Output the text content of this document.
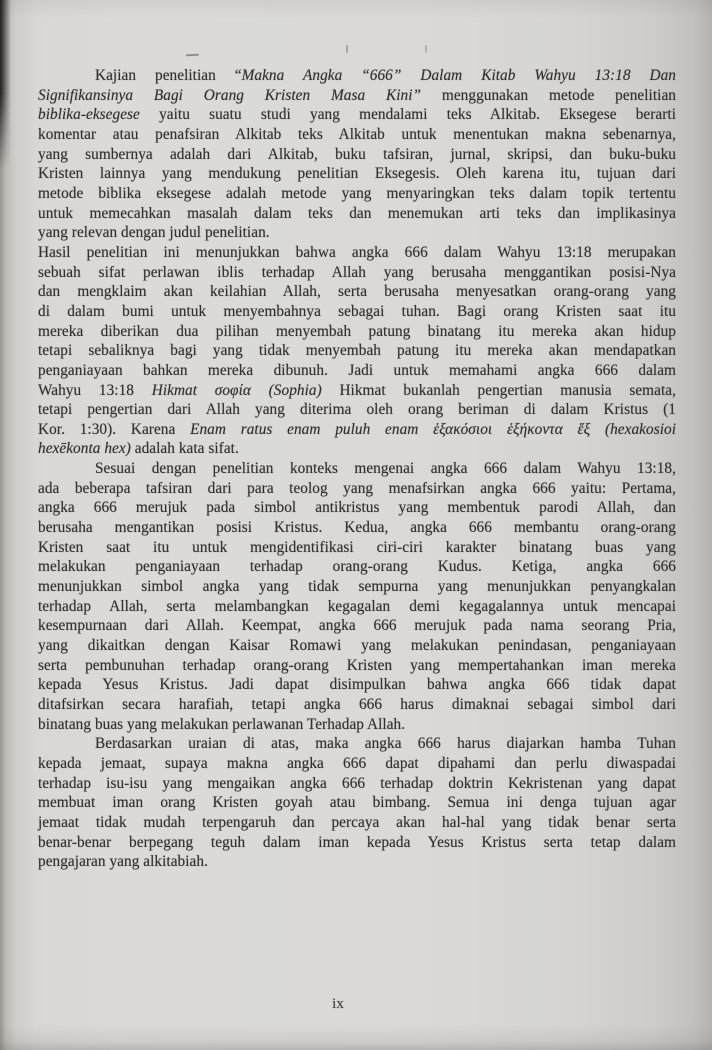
Kajian penelitian “Makna Angka “666” Dalam Kitab Wahyu 13:18 Dan
Signifikansinya Bagi Orang Kristen Masa Kini” menggunakan metode penelitian
biblika-eksegese yaitu suatu studi yang mendalami teks Alkitab. Eksegese berarti
komentar atau penafsiran Alkitab teks Alkitab untuk menentukan makna sebenarnya,
yang sumbernya adalah dari Alkitab, buku tafsiran, jurnal, skripsi, dan buku-buku
Kristen lainnya yang mendukung penelitian Eksegesis. Oleh karena itu, tujuan dari
metode biblika eksegese adalah metode yang menyaringkan teks dalam topik tertentu
untuk memecahkan masalah dalam teks dan menemukan arti teks dan implikasinya
yang relevan dengan judul penelitian.
Hasil penelitian ini menunjukkan bahwa angka 666 dalam Wahyu 13:18 merupakan
sebuah sifat perlawan iblis terhadap Allah yang berusaha menggantikan posisi-Nya
dan mengklaim akan keilahian Allah, serta berusaha menyesatkan orang-orang yang
di dalam bumi untuk menyembahnya sebagai tuhan. Bagi orang Kristen saat itu
mereka diberikan dua pilihan menyembah patung binatang itu mereka akan hidup
tetapi sebaliknya bagi yang tidak menyembah patung itu mereka akan mendapatkan
penganiayaan bahkan mereka dibunuh. Jadi untuk memahami angka 666 dalam
Wahyu 13:18 Hikmat σοφία (Sophia) Hikmat bukanlah pengertian manusia semata,
tetapi pengertian dari Allah yang diterima oleh orang beriman di dalam Kristus (1
Kor. 1:30). Karena Enam ratus enam puluh enam ἑξακόσιοι ἑξήκοντα ἕξ (hexakosioi
hexēkonta hex) adalah kata sifat.
Sesuai dengan penelitian konteks mengenai angka 666 dalam Wahyu 13:18,
ada beberapa tafsiran dari para teolog yang menafsirkan angka 666 yaitu: Pertama,
angka 666 merujuk pada simbol antikristus yang membentuk parodi Allah, dan
berusaha mengantikan posisi Kristus. Kedua, angka 666 membantu orang-orang
Kristen saat itu untuk mengidentifikasi ciri-ciri karakter binatang buas yang
melakukan penganiayaan terhadap orang-orang Kudus. Ketiga, angka 666
menunjukkan simbol angka yang tidak sempurna yang menunjukkan penyangkalan
terhadap Allah, serta melambangkan kegagalan demi kegagalannya untuk mencapai
kesempurnaan dari Allah. Keempat, angka 666 merujuk pada nama seorang Pria,
yang dikaitkan dengan Kaisar Romawi yang melakukan penindasan, penganiayaan
serta pembunuhan terhadap orang-orang Kristen yang mempertahankan iman mereka
kepada Yesus Kristus. Jadi dapat disimpulkan bahwa angka 666 tidak dapat
ditafsirkan secara harafiah, tetapi angka 666 harus dimaknai sebagai simbol dari
binatang buas yang melakukan perlawanan Terhadap Allah.
Berdasarkan uraian di atas, maka angka 666 harus diajarkan hamba Tuhan
kepada jemaat, supaya makna angka 666 dapat dipahami dan perlu diwaspadai
terhadap isu-isu yang mengaikan angka 666 terhadap doktrin Kekristenan yang dapat
membuat iman orang Kristen goyah atau bimbang. Semua ini denga tujuan agar
jemaat tidak mudah terpengaruh dan percaya akan hal-hal yang tidak benar serta
benar-benar berpegang teguh dalam iman kepada Yesus Kristus serta tetap dalam
pengajaran yang alkitabiah.
ix
